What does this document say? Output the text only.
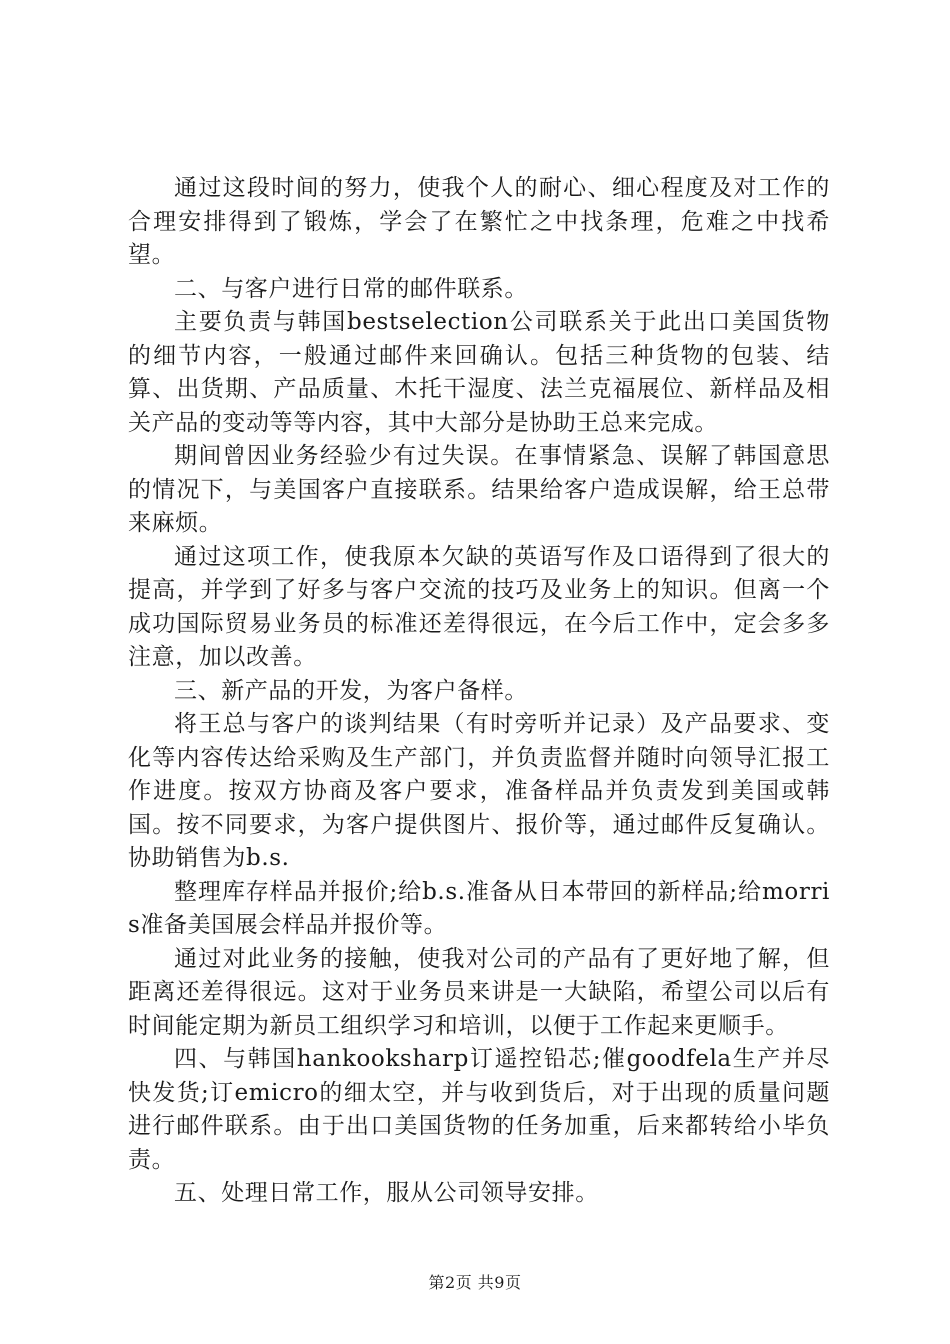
通过这段时间的努力，使我个人的耐心、细心程度及对工作的合理安排得到了锻炼，学会了在繁忙之中找条理，危难之中找希望。

二、与客户进行日常的邮件联系。

主要负责与韩国bestselection公司联系关于此出口美国货物的细节内容，一般通过邮件来回确认。包括三种货物的包装、结算、出货期、产品质量、木托干湿度、法兰克福展位、新样品及相关产品的变动等等内容，其中大部分是协助王总来完成。

期间曾因业务经验少有过失误。在事情紧急、误解了韩国意思的情况下，与美国客户直接联系。结果给客户造成误解，给王总带来麻烦。

通过这项工作，使我原本欠缺的英语写作及口语得到了很大的提高，并学到了好多与客户交流的技巧及业务上的知识。但离一个成功国际贸易业务员的标准还差得很远，在今后工作中，定会多多注意，加以改善。

三、新产品的开发，为客户备样。

将王总与客户的谈判结果（有时旁听并记录）及产品要求、变化等内容传达给采购及生产部门，并负责监督并随时向领导汇报工作进度。按双方协商及客户要求，准备样品并负责发到美国或韩国。按不同要求，为客户提供图片、报价等，通过邮件反复确认。协助销售为b.s.

整理库存样品并报价;给b.s.准备从日本带回的新样品;给morris准备美国展会样品并报价等。

通过对此业务的接触，使我对公司的产品有了更好地了解，但距离还差得很远。这对于业务员来讲是一大缺陷，希望公司以后有时间能定期为新员工组织学习和培训，以便于工作起来更顺手。

四、与韩国hankooksharp订遥控铅芯;催goodfela生产并尽快发货;订emicro的细太空，并与收到货后，对于出现的质量问题进行邮件联系。由于出口美国货物的任务加重，后来都转给小毕负责。

五、处理日常工作，服从公司领导安排。

第2页 共9页
